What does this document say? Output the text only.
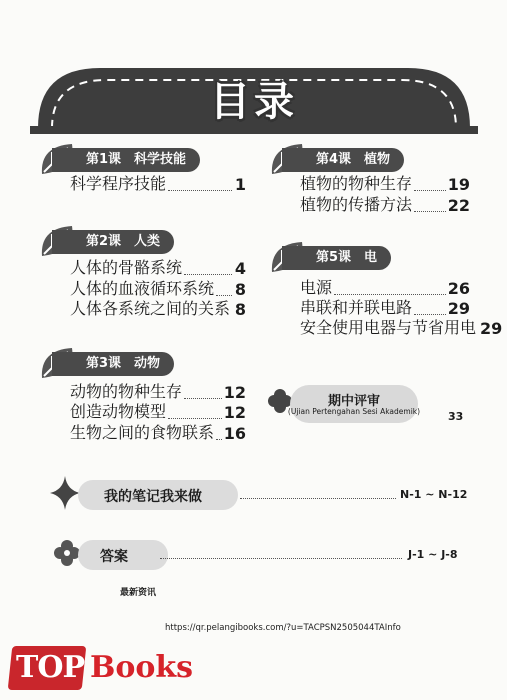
目录
第1课　科学技能
科学程序技能	1
第2课　人类
人体的骨骼系统	4
人体的血液循环系统 8
人体各系统之间的关系 8
第3课　动物
动物的物种生存	12
创造动物模型	12
生物之间的食物联系 16
第4课　植物
植物的物种生存 19
植物的传播方法 22
第5课　电
电源	26
串联和并联电路 29
安全使用电器与节省用电 29
期中评审
(Ujian Pertengahan Sesi Akademik)	33
我的笔记我来做	N-1 ~ N-12
答案	J-1 ~ J-8
最新资讯
https://qr.pelangibooks.com/?u=TACPSN2505044TAInfo
TOP Books
